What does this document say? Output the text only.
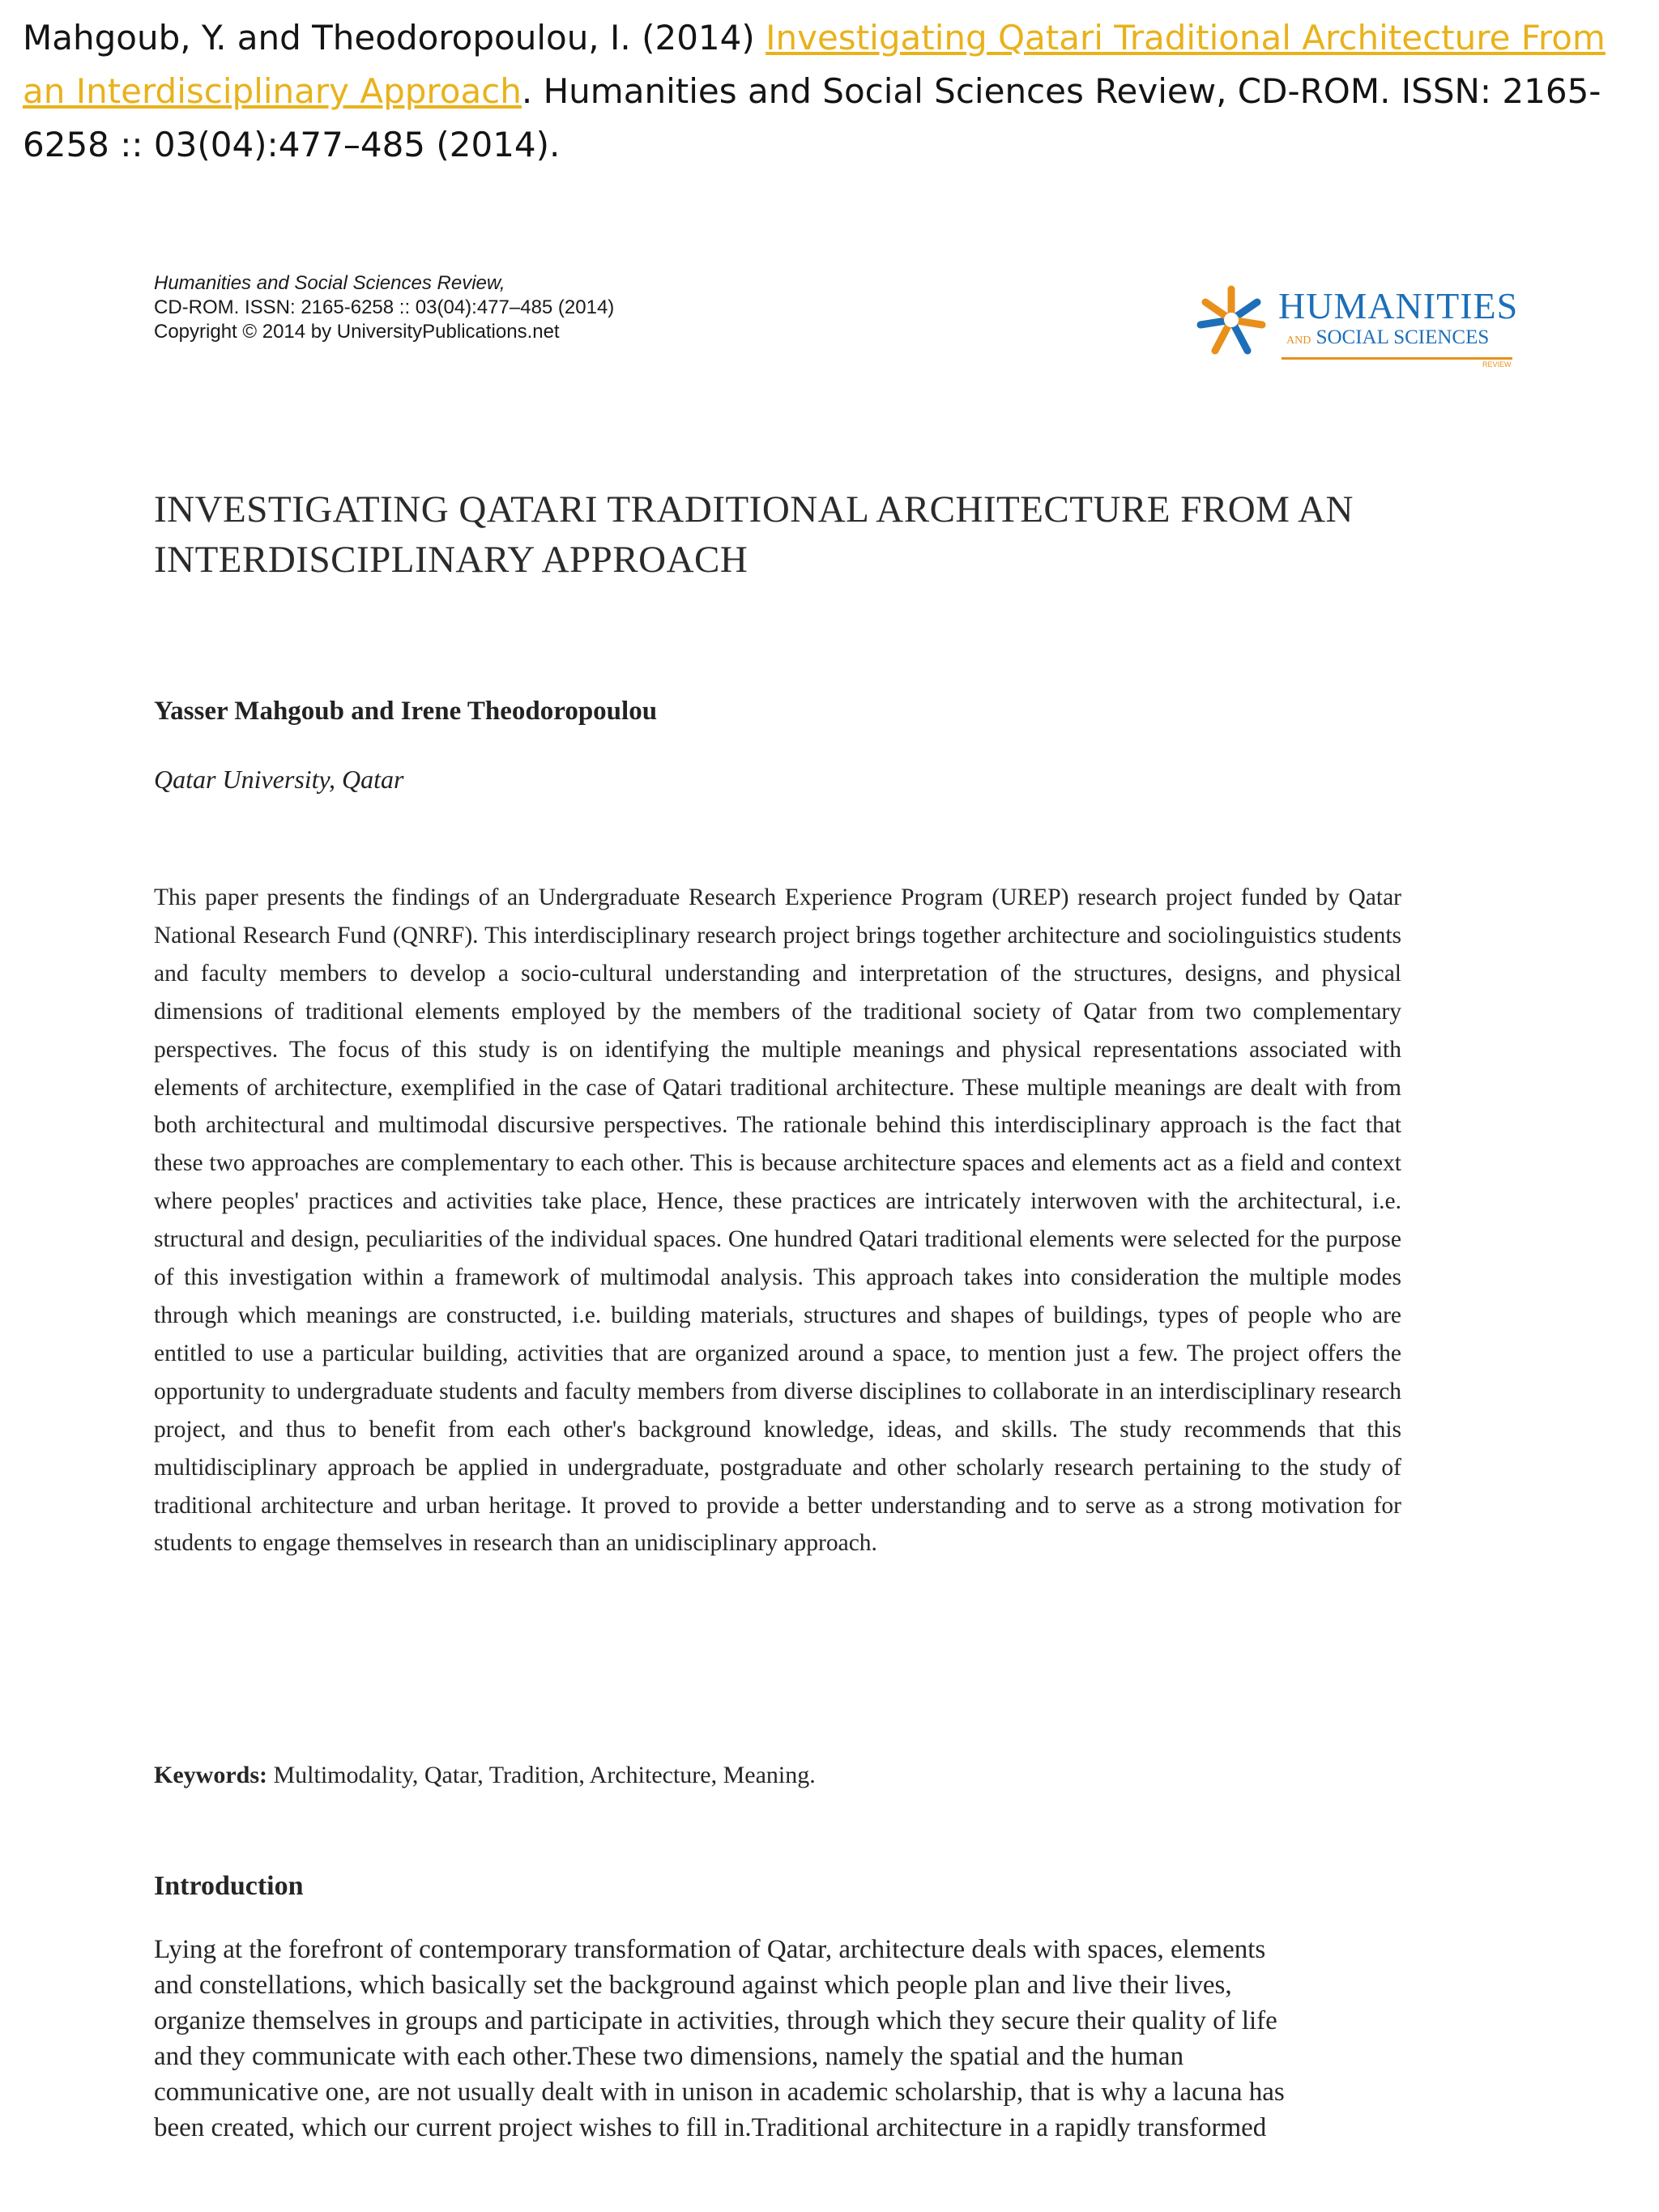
Mahgoub, Y. and Theodoropoulou, I. (2014) Investigating Qatari Traditional Architecture From an Interdisciplinary Approach. Humanities and Social Sciences Review, CD-ROM. ISSN: 2165-6258 :: 03(04):477–485 (2014).
Humanities and Social Sciences Review,
CD-ROM. ISSN: 2165-6258 :: 03(04):477–485 (2014)
Copyright © 2014 by UniversityPublications.net
HUMANITIES
AND SOCIAL SCIENCES
REVIEW
INVESTIGATING QATARI TRADITIONAL ARCHITECTURE FROM AN
INTERDISCIPLINARY APPROACH
Yasser Mahgoub and Irene Theodoropoulou
Qatar University, Qatar
This paper presents the findings of an Undergraduate Research Experience Program (UREP) research project funded by Qatar National Research Fund (QNRF). This interdisciplinary research project brings together architecture and sociolinguistics students and faculty members to develop a socio-cultural understanding and interpretation of the structures, designs, and physical dimensions of traditional elements employed by the members of the traditional society of Qatar from two complementary perspectives. The focus of this study is on identifying the multiple meanings and physical representations associated with elements of architecture, exemplified in the case of Qatari traditional architecture. These multiple meanings are dealt with from both architectural and multimodal discursive perspectives. The rationale behind this interdisciplinary approach is the fact that these two approaches are complementary to each other. This is because architecture spaces and elements act as a field and context where peoples' practices and activities take place, Hence, these practices are intricately interwoven with the architectural, i.e. structural and design, peculiarities of the individual spaces. One hundred Qatari traditional elements were selected for the purpose of this investigation within a framework of multimodal analysis. This approach takes into consideration the multiple modes through which meanings are constructed, i.e. building materials, structures and shapes of buildings, types of people who are entitled to use a particular building, activities that are organized around a space, to mention just a few. The project offers the opportunity to undergraduate students and faculty members from diverse disciplines to collaborate in an interdisciplinary research project, and thus to benefit from each other's background knowledge, ideas, and skills. The study recommends that this multidisciplinary approach be applied in undergraduate, postgraduate and other scholarly research pertaining to the study of traditional architecture and urban heritage. It proved to provide a better understanding and to serve as a strong motivation for students to engage themselves in research than an unidisciplinary approach.
Keywords: Multimodality, Qatar, Tradition, Architecture, Meaning.
Introduction
Lying at the forefront of contemporary transformation of Qatar, architecture deals with spaces, elements
and constellations, which basically set the background against which people plan and live their lives,
organize themselves in groups and participate in activities, through which they secure their quality of life
and they communicate with each other.These two dimensions, namely the spatial and the human
communicative one, are not usually dealt with in unison in academic scholarship, that is why a lacuna has
been created, which our current project wishes to fill in.Traditional architecture in a rapidly transformed
